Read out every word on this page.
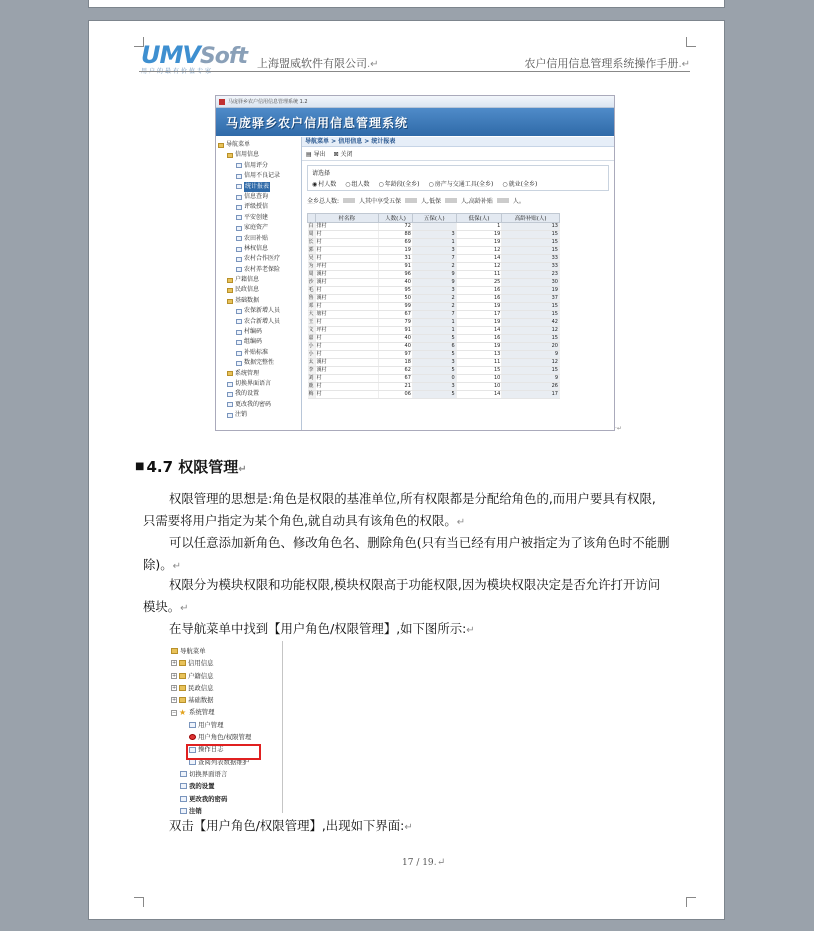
UMVSoft
用户的最有价值专家
上海盟威软件有限公司.↵	农户信用信息管理系统操作手册.↵
马庞驿乡农户信用信息管理系统 1.2
马庞驿乡农户信用信息管理系统
导航菜单
信用信息
信用评分
信用不良记录
统计报表
信息查询
评级授信
平安创建
家庭资产
农田补贴
林权信息
农村合作医疗
农村养老保险
户籍信息
民政信息
基础数据
农保新增人员
农合新增人员
村编码
组编码
补贴标准
数据完整性
系统管理
切换界面语言
我的设置
更改我的密码
注销
导航菜单 > 信用信息 > 统计报表
▤ 导出 ⊠ 关闭
请选择
◉ 村人数	○ 组人数	○ 年龄段(全乡)	○ 房产与交通工具(全乡)	○ 就业(全乡)
全乡总人数:	人其中享受五保	人,低保	人,高龄补贴	人。
	村名称	人数(人)	五保(人)	低保(人)	高龄补贴(人)
白	排村	72		1	13
周	村	88	3	19	15
长	村	69	1	19	15
郭	村	19	3	12	15
吴	村	31	7	14	33
为	坪村	91	2	12	33
周	溪村	96	9	11	23
沙	溪村	40	9	25	30
毛	村	95	3	16	19
鲁	溪村	50	2	16	37
邓	村	99	2	19	15
大	塘村	67	7	17	15
王	村	79	1	19	42
文	坪村	91	1	14	12
嘉	村	40	5	16	15
小	村	40	6	19	20
小	村	97	5	13	9
太	溪村	18	3	11	12
李	溪村	62	5	15	15
刘	村	67	0	10	9
鹿	村	21	3	10	26
梅	村	06	5	14	17
·↵
■ 4.7 权限管理↵
权限管理的思想是:角色是权限的基准单位,所有权限都是分配给角色的,而用户要具有权限,
只需要将用户指定为某个角色,就自动具有该角色的权限。↵
可以任意添加新角色、修改角色名、删除角色(只有当已经有用户被指定为了该角色时不能删
除)。↵
权限分为模块权限和功能权限,模块权限高于功能权限,因为模块权限决定是否允许打开访问
模块。↵
在导航菜单中找到【用户角色/权限管理】,如下图所示:↵
导航菜单
+ 信用信息
+ 户籍信息
+ 民政信息
+ 基础数据
− ★ 系统管理
用户管理
用户角色/权限管理
操作日志
查阅列表数据维护
切换界面语言
我的设置
更改我的密码
注销
双击【用户角色/权限管理】,出现如下界面:↵
17 / 19.↵
